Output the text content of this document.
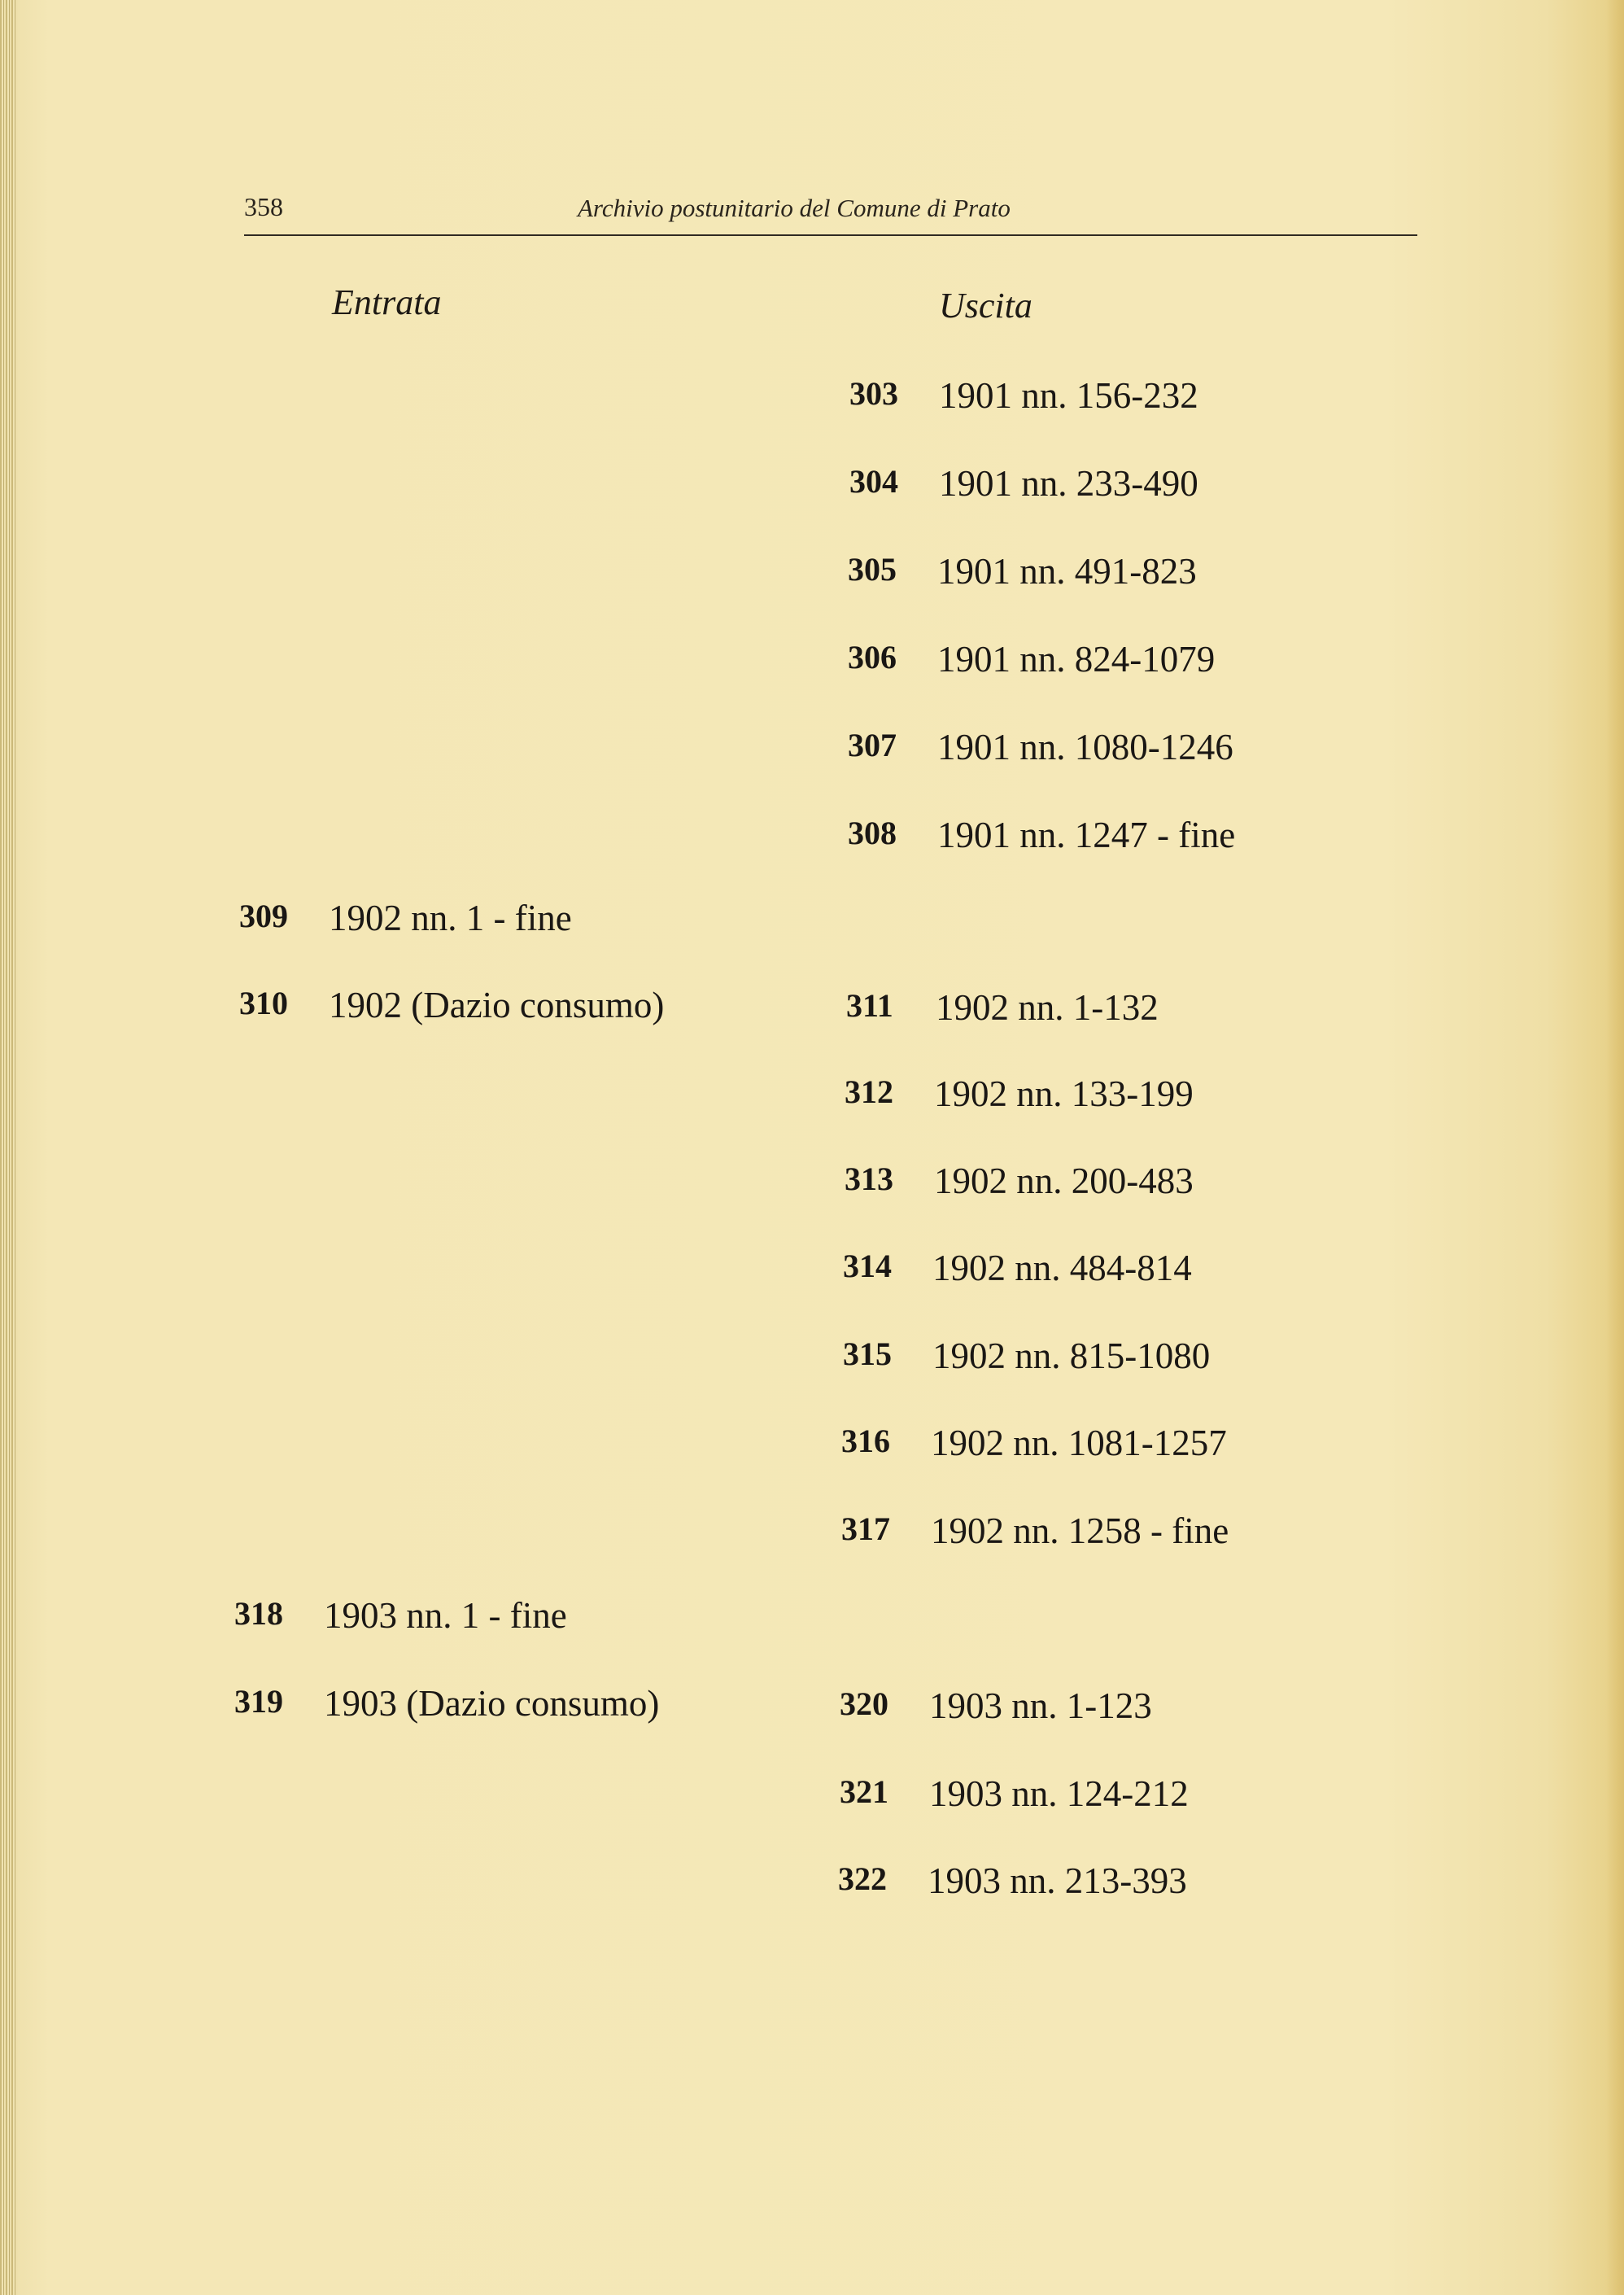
358	Archivio postunitario del Comune di Prato
Entrata	Uscita
309 1902 nn. 1 - fine
310 1902 (Dazio consumo)
318 1903 nn. 1 - fine
319 1903 (Dazio consumo)
303 1901 nn. 156-232
304 1901 nn. 233-490
305 1901 nn. 491-823
306 1901 nn. 824-1079
307 1901 nn. 1080-1246
308 1901 nn. 1247 - fine
311 1902 nn. 1-132
312 1902 nn. 133-199
313 1902 nn. 200-483
314 1902 nn. 484-814
315 1902 nn. 815-1080
316 1902 nn. 1081-1257
317 1902 nn. 1258 - fine
320 1903 nn. 1-123
321 1903 nn. 124-212
322 1903 nn. 213-393
